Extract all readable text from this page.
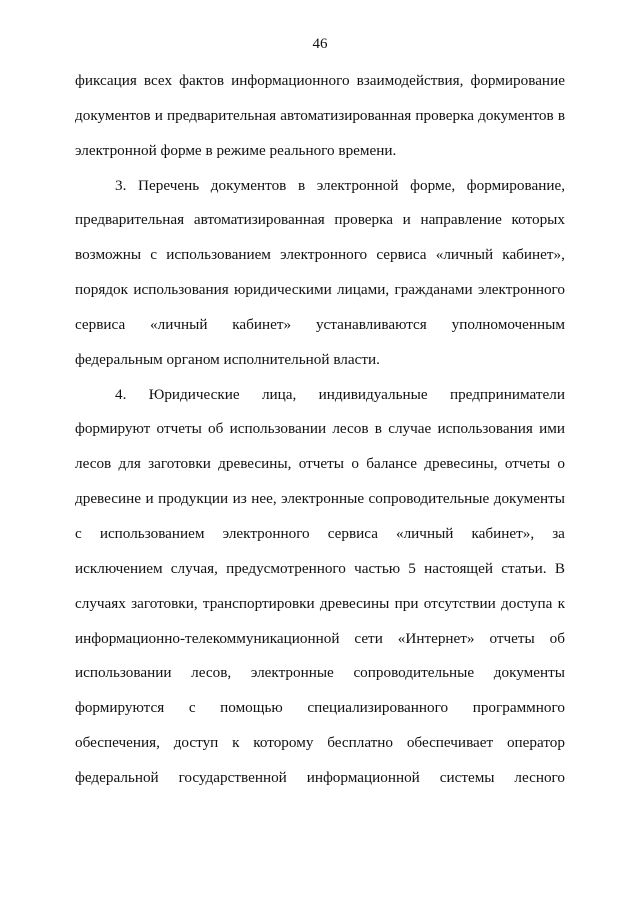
46
фиксация всех фактов информационного взаимодействия, формирование
документов и предварительная автоматизированная проверка документов в
электронной форме в режиме реального времени.
3. Перечень документов в электронной форме, формирование,
предварительная автоматизированная проверка и направление которых
возможны с использованием электронного сервиса «личный кабинет»,
порядок использования юридическими лицами, гражданами электронного
сервиса «личный кабинет» устанавливаются уполномоченным
федеральным органом исполнительной власти.
4. Юридические лица, индивидуальные предприниматели
формируют отчеты об использовании лесов в случае использования ими
лесов для заготовки древесины, отчеты о балансе древесины, отчеты о
древесине и продукции из нее, электронные сопроводительные документы
с использованием электронного сервиса «личный кабинет», за
исключением случая, предусмотренного частью 5 настоящей статьи. В
случаях заготовки, транспортировки древесины при отсутствии доступа к
информационно-телекоммуникационной сети «Интернет» отчеты об
использовании лесов, электронные сопроводительные документы
формируются с помощью специализированного программного
обеспечения, доступ к которому бесплатно обеспечивает оператор
федеральной государственной информационной системы лесного
